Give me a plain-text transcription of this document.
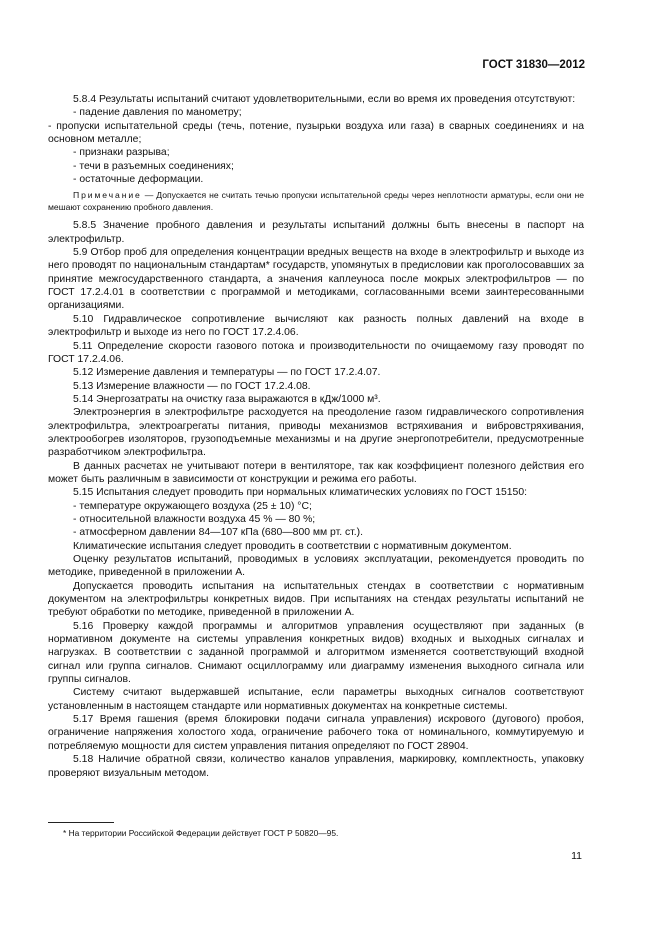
ГОСТ 31830—2012

5.8.4 Результаты испытаний считают удовлетворительными, если во время их проведения отсутствуют:

- падение давления по манометру;

- пропуски испытательной среды (течь, потение, пузырьки воздуха или газа) в сварных соединениях и на основном металле;

- признаки разрыва;

- течи в разъемных соединениях;

- остаточные деформации.

Примечание — Допускается не считать течью пропуски испытательной среды через неплотности арматуры, если они не мешают сохранению пробного давления.

5.8.5 Значение пробного давления и результаты испытаний должны быть внесены в паспорт на электрофильтр.

5.9 Отбор проб для определения концентрации вредных веществ на входе в электрофильтр и выходе из него проводят по национальным стандартам* государств, упомянутых в предисловии как проголосовавших за принятие межгосударственного стандарта, а значения каплеуноса после мокрых электрофильтров — по ГОСТ 17.2.4.01 в соответствии с программой и методиками, согласованными всеми заинтересованными организациями.

5.10 Гидравлическое сопротивление вычисляют как разность полных давлений на входе в электрофильтр и выходе из него по ГОСТ 17.2.4.06.

5.11 Определение скорости газового потока и производительности по очищаемому газу проводят по ГОСТ 17.2.4.06.

5.12 Измерение давления и температуры — по ГОСТ 17.2.4.07.

5.13 Измерение влажности — по ГОСТ 17.2.4.08.

5.14 Энергозатраты на очистку газа выражаются в кДж/1000 м³.

Электроэнергия в электрофильтре расходуется на преодоление газом гидравлического сопротивления электрофильтра, электроагрегаты питания, приводы механизмов встряхивания и вибровстряхивания, электрообогрев изоляторов, грузоподъемные механизмы и на другие энергопотребители, предусмотренные разработчиком электрофильтра.

В данных расчетах не учитывают потери в вентиляторе, так как коэффициент полезного действия его может быть различным в зависимости от конструкции и режима его работы.

5.15 Испытания следует проводить при нормальных климатических условиях по ГОСТ 15150:

- температуре окружающего воздуха (25 ± 10) °C;

- относительной влажности воздуха 45 % — 80 %;

- атмосферном давлении 84—107 кПа (680—800 мм рт. ст.).

Климатические испытания следует проводить в соответствии с нормативным документом.

Оценку результатов испытаний, проводимых в условиях эксплуатации, рекомендуется проводить по методике, приведенной в приложении А.

Допускается проводить испытания на испытательных стендах в соответствии с нормативным документом на электрофильтры конкретных видов. При испытаниях на стендах результаты испытаний не требуют обработки по методике, приведенной в приложении А.

5.16 Проверку каждой программы и алгоритмов управления осуществляют при заданных (в нормативном документе на системы управления конкретных видов) входных и выходных сигналах и нагрузках. В соответствии с заданной программой и алгоритмом изменяется соответствующий входной сигнал или группа сигналов. Снимают осциллограмму или диаграмму изменения выходного сигнала или группы сигналов.

Систему считают выдержавшей испытание, если параметры выходных сигналов соответствуют установленным в настоящем стандарте или нормативных документах на конкретные системы.

5.17 Время гашения (время блокировки подачи сигнала управления) искрового (дугового) пробоя, ограничение напряжения холостого хода, ограничение рабочего тока от номинального, коммутируемую и потребляемую мощности для систем управления питания определяют по ГОСТ 28904.

5.18 Наличие обратной связи, количество каналов управления, маркировку, комплектность, упаковку проверяют визуальным методом.

* На территории Российской Федерации действует ГОСТ Р 50820—95.
11
